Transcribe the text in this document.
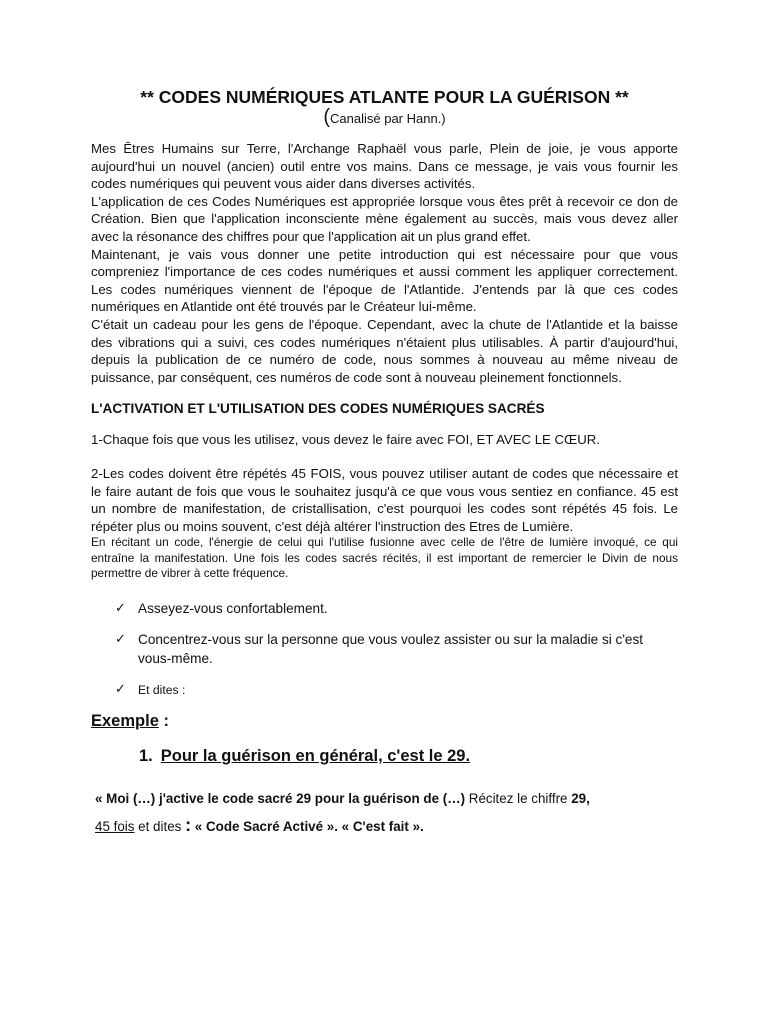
** CODES NUMÉRIQUES ATLANTE POUR LA GUÉRISON **

(Canalisé par Hann.)

Mes Êtres Humains sur Terre, l'Archange Raphaël vous parle, Plein de joie, je vous apporte aujourd'hui un nouvel (ancien) outil entre vos mains. Dans ce message, je vais vous fournir les codes numériques qui peuvent vous aider dans diverses activités.

L'application de ces Codes Numériques est appropriée lorsque vous êtes prêt à recevoir ce don de Création. Bien que l'application inconsciente mène également au succès, mais vous devez aller avec la résonance des chiffres pour que l'application ait un plus grand effet.

Maintenant, je vais vous donner une petite introduction qui est nécessaire pour que vous compreniez l'importance de ces codes numériques et aussi comment les appliquer correctement. Les codes numériques viennent de l'époque de l'Atlantide. J'entends par là que ces codes numériques en Atlantide ont été trouvés par le Créateur lui-même.

C'était un cadeau pour les gens de l'époque. Cependant, avec la chute de l'Atlantide et la baisse des vibrations qui a suivi, ces codes numériques n'étaient plus utilisables. À partir d'aujourd'hui, depuis la publication de ce numéro de code, nous sommes à nouveau au même niveau de puissance, par conséquent, ces numéros de code sont à nouveau pleinement fonctionnels.

L'ACTIVATION ET L'UTILISATION DES CODES NUMÉRIQUES SACRÉS

1-Chaque fois que vous les utilisez, vous devez le faire avec FOI, ET AVEC LE CŒUR.

2-Les codes doivent être répétés 45 FOIS, vous pouvez utiliser autant de codes que nécessaire et le faire autant de fois que vous le souhaitez jusqu'à ce que vous vous sentiez en confiance. 45 est un nombre de manifestation, de cristallisation, c'est pourquoi les codes sont répétés 45 fois. Le répéter plus ou moins souvent, c'est déjà altérer l'instruction des Etres de Lumière.

En récitant un code, l'énergie de celui qui l'utilise fusionne avec celle de l'être de lumière invoqué, ce qui entraîne la manifestation. Une fois les codes sacrés récités, il est important de remercier le Divin de nous permettre de vibrer à cette fréquence.

✓ Asseyez-vous confortablement.
✓ Concentrez-vous sur la personne que vous voulez assister ou sur la maladie si c'est vous-même.
✓ Et dites :

Exemple :

1. Pour la guérison en général, c'est le 29.

« Moi (…) j'active le code sacré 29 pour la guérison de (…) Récitez le chiffre 29,
45 fois et dites : « Code Sacré Activé ». « C'est fait ».
